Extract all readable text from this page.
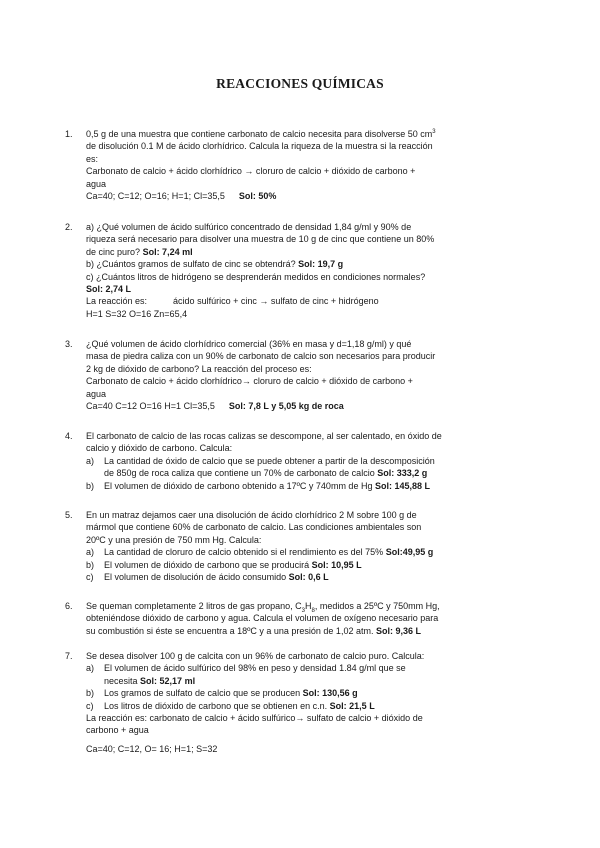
REACCIONES QUÍMICAS
1. 0,5 g de una muestra que contiene carbonato de calcio necesita para disolverse 50 $cm^3$
de disolución 0.1 M de ácido clorhídrico. Calcula la riqueza de la muestra si la reacción
es:
Carbonato de calcio + ácido clorhídrico → cloruro de calcio + dióxido de carbono +
agua
Ca=40; C=12; O=16; H=1; Cl=35,5 Sol: 50%
2. a) ¿Qué volumen de ácido sulfúrico concentrado de densidad 1,84 g/ml y 90% de
riqueza será necesario para disolver una muestra de 10 g de cinc que contiene un 80%
de cinc puro? Sol: 7,24 ml
b) ¿Cuántos gramos de sulfato de cinc se obtendrá? Sol: 19,7 g
c) ¿Cuántos litros de hidrógeno se desprenderán medidos en condiciones normales?
Sol: 2,74 L
La reacción es:	ácido sulfúrico + cinc → sulfato de cinc + hidrógeno
H=1 S=32 O=16 Zn=65,4
3. ¿Qué volumen de ácido clorhídrico comercial (36% en masa y d=1,18 g/ml) y qué
masa de piedra caliza con un 90% de carbonato de calcio son necesarios para producir
2 kg de dióxido de carbono? La reacción del proceso es:
Carbonato de calcio + ácido clorhídrico→ cloruro de calcio + dióxido de carbono +
agua
Ca=40 C=12 O=16 H=1 Cl=35,5 Sol: 7,8 L y 5,05 kg de roca
4. El carbonato de calcio de las rocas calizas se descompone, al ser calentado, en óxido de
calcio y dióxido de carbono. Calcula:
a) La cantidad de óxido de calcio que se puede obtener a partir de la descomposición
de 850g de roca caliza que contiene un 70% de carbonato de calcio Sol: 333,2 g
b) El volumen de dióxido de carbono obtenido a 17ºC y 740mm de Hg Sol: 145,88 L
5. En un matraz dejamos caer una disolución de ácido clorhídrico 2 M sobre 100 g de
mármol que contiene 60% de carbonato de calcio. Las condiciones ambientales son
20ºC y una presión de 750 mm Hg. Calcula:
a) La cantidad de cloruro de calcio obtenido si el rendimiento es del 75% Sol:49,95 g
b) El volumen de dióxido de carbono que se producirá Sol: 10,95 L
c) El volumen de disolución de ácido consumido Sol: 0,6 L
6. Se queman completamente 2 litros de gas propano, $C_3H_8$, medidos a 25ºC y 750mm Hg,
obteniéndose dióxido de carbono y agua. Calcula el volumen de oxígeno necesario para
su combustión si éste se encuentra a 18ºC y a una presión de 1,02 atm. Sol: 9,36 L
7. Se desea disolver 100 g de calcita con un 96% de carbonato de calcio puro. Calcula:
a) El volumen de ácido sulfúrico del 98% en peso y densidad 1.84 g/ml que se
necesita Sol: 52,17 ml
b) Los gramos de sulfato de calcio que se producen Sol: 130,56 g
c) Los litros de dióxido de carbono que se obtienen en c.n. Sol: 21,5 L
La reacción es: carbonato de calcio + ácido sulfúrico→ sulfato de calcio + dióxido de
carbono + agua
Ca=40; C=12, O= 16; H=1; S=32
